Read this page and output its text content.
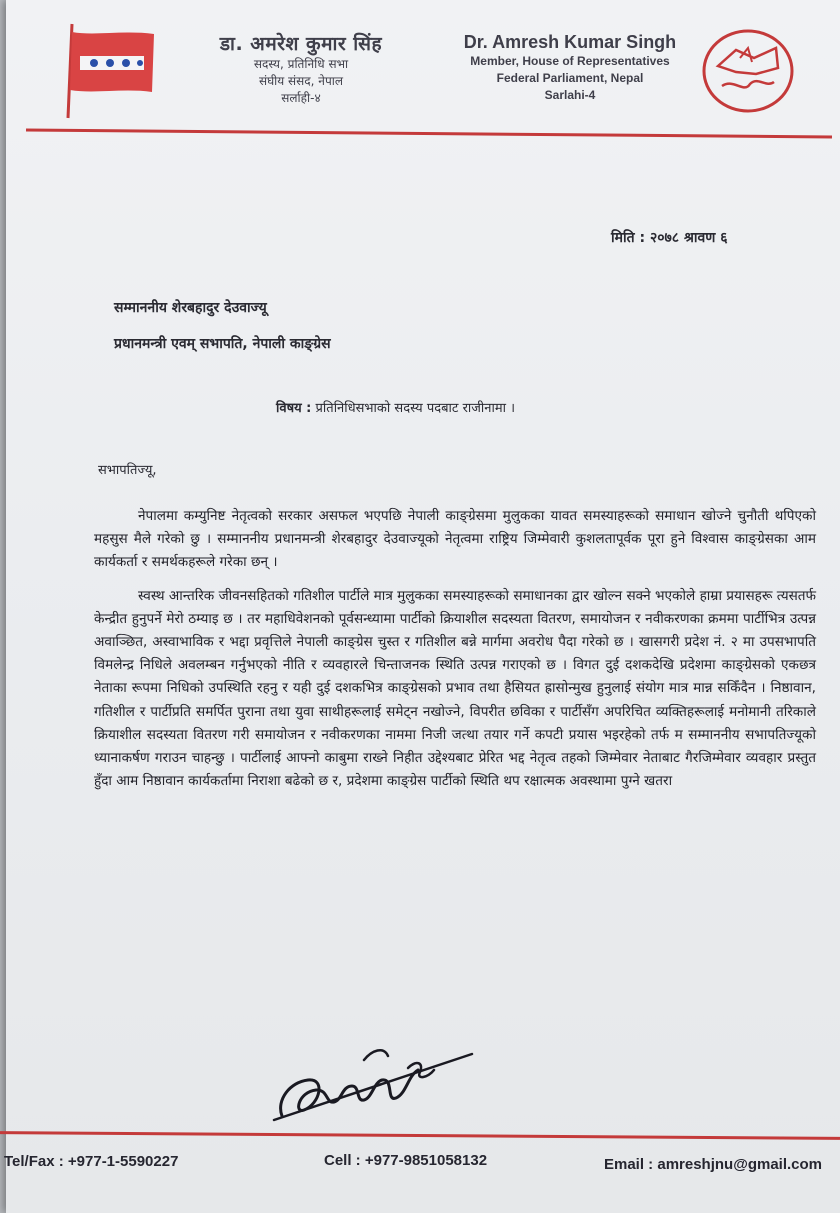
डा. अमरेश कुमार सिंह
सदस्य, प्रतिनिधि सभा
संघीय संसद, नेपाल
सर्लाही-४
Dr. Amresh Kumar Singh
Member, House of Representatives
Federal Parliament, Nepal
Sarlahi-4
मिति : २०७८ श्रावण ६
सम्माननीय शेरबहादुर देउवाज्यू
प्रधानमन्त्री एवम् सभापति, नेपाली काङ्ग्रेस
विषय : प्रतिनिधिसभाको सदस्य पदबाट राजीनामा ।
सभापतिज्यू,

नेपालमा कम्युनिष्ट नेतृत्वको सरकार असफल भएपछि नेपाली काङ्ग्रेसमा मुलुकका यावत समस्याहरूको समाधान खोज्ने चुनौती थपिएको महसुस मैले गरेको छु । सम्माननीय प्रधानमन्त्री शेरबहादुर देउवाज्यूको नेतृत्वमा राष्ट्रिय जिम्मेवारी कुशलतापूर्वक पूरा हुने विश्वास काङ्ग्रेसका आम कार्यकर्ता र समर्थकहरूले गरेका छन् ।

स्वस्थ आन्तरिक जीवनसहितको गतिशील पार्टीले मात्र मुलुकका समस्याहरूको समाधानका द्वार खोल्न सक्ने भएकोले हाम्रा प्रयासहरू त्यसतर्फ केन्द्रीत हुनुपर्ने मेरो ठम्याइ छ । तर महाधिवेशनको पूर्वसन्ध्यामा पार्टीको क्रियाशील सदस्यता वितरण, समायोजन र नवीकरणका क्रममा पार्टीभित्र उत्पन्न अवाञ्छित, अस्वाभाविक र भद्दा प्रवृत्तिले नेपाली काङ्ग्रेस चुस्त र गतिशील बन्ने मार्गमा अवरोध पैदा गरेको छ । खासगरी प्रदेश नं. २ मा उपसभापति विमलेन्द्र निधिले अवलम्बन गर्नुभएको नीति र व्यवहारले चिन्ताजनक स्थिति उत्पन्न गराएको छ । विगत दुई दशकदेखि प्रदेशमा काङ्ग्रेसको एकछत्र नेताका रूपमा निधिको उपस्थिति रहनु र यही दुई दशकभित्र काङ्ग्रेसको प्रभाव तथा हैसियत ह्रासोन्मुख हुनुलाई संयोग मात्र मान्न सकिँदैन । निष्ठावान, गतिशील र पार्टीप्रति समर्पित पुराना तथा युवा साथीहरूलाई समेट्न नखोज्ने, विपरीत छविका र पार्टीसँग अपरिचित व्यक्तिहरूलाई मनोमानी तरिकाले क्रियाशील सदस्यता वितरण गरी समायोजन र नवीकरणका नाममा निजी जत्था तयार गर्ने कपटी प्रयास भइरहेको तर्फ म सम्माननीय सभापतिज्यूको ध्यानाकर्षण गराउन चाहन्छु । पार्टीलाई आफ्नो काबुमा राख्ने निहीत उद्देश्यबाट प्रेरित भद्द नेतृत्व तहको जिम्मेवार नेताबाट गैरजिम्मेवार व्यवहार प्रस्तुत हुँदा आम निष्ठावान कार्यकर्तामा निराशा बढेको छ र, प्रदेशमा काङ्ग्रेस पार्टीको स्थिति थप रक्षात्मक अवस्थामा पुग्ने खतरा

Tel/Fax : +977-1-5590227	Cell : +977-9851058132	Email : amreshjnu@gmail.com
